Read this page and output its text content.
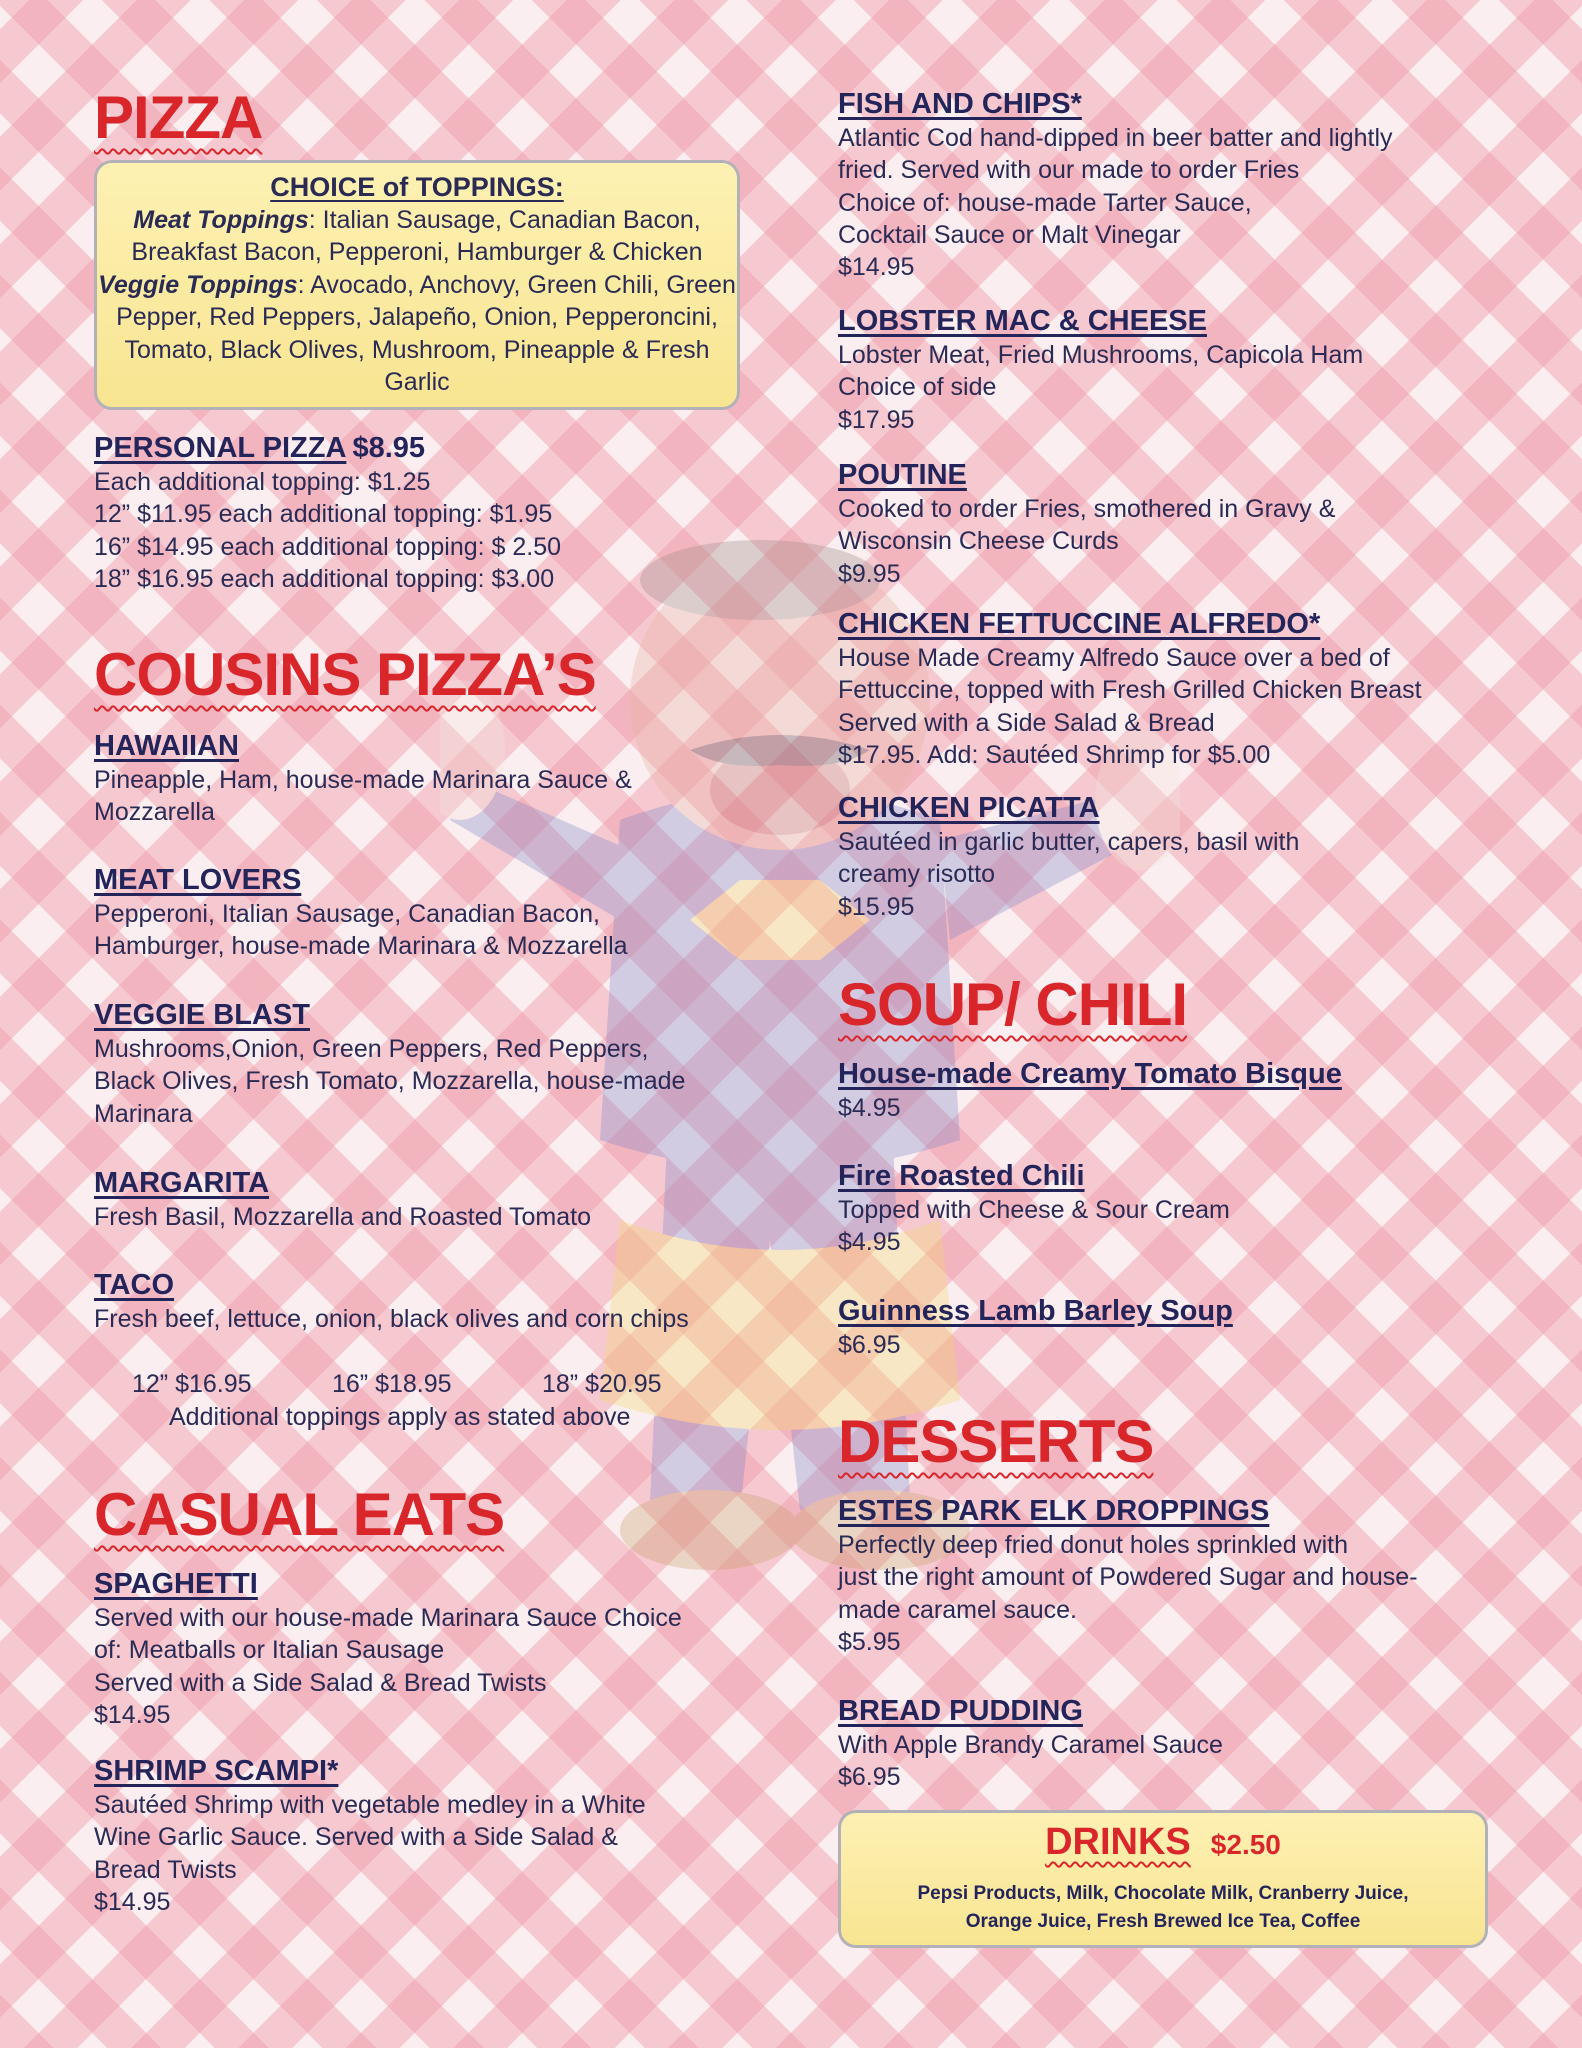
PIZZA
CHOICE of TOPPINGS:
Meat Toppings: Italian Sausage, Canadian Bacon, Breakfast Bacon, Pepperoni, Hamburger & Chicken
Veggie Toppings: Avocado, Anchovy, Green Chili, Green Pepper, Red Peppers, Jalapeño, Onion, Pepperoncini, Tomato, Black Olives, Mushroom, Pineapple & Fresh Garlic
PERSONAL PIZZA $8.95
Each additional topping: $1.25
12” $11.95 each additional topping: $1.95
16” $14.95 each additional topping: $ 2.50
18” $16.95 each additional topping: $3.00
COUSINS PIZZA’S
HAWAIIAN
Pineapple, Ham, house-made Marinara Sauce &
Mozzarella
MEAT LOVERS
Pepperoni, Italian Sausage, Canadian Bacon,
Hamburger, house-made Marinara & Mozzarella
VEGGIE BLAST
Mushrooms,Onion, Green Peppers, Red Peppers,
Black Olives, Fresh Tomato, Mozzarella, house-made
Marinara
MARGARITA
Fresh Basil, Mozzarella and Roasted Tomato
TACO
Fresh beef, lettuce, onion, black olives and corn chips
12” $16.95	16” $18.95	18” $20.95
Additional toppings apply as stated above
CASUAL EATS
SPAGHETTI
Served with our house-made Marinara Sauce Choice
of: Meatballs or Italian Sausage
Served with a Side Salad & Bread Twists
$14.95
SHRIMP SCAMPI*
Sautéed Shrimp with vegetable medley in a White
Wine Garlic Sauce. Served with a Side Salad &
Bread Twists
$14.95
FISH AND CHIPS*
Atlantic Cod hand-dipped in beer batter and lightly
fried. Served with our made to order Fries
Choice of: house-made Tarter Sauce,
Cocktail Sauce or Malt Vinegar
$14.95
LOBSTER MAC & CHEESE
Lobster Meat, Fried Mushrooms, Capicola Ham
Choice of side
$17.95
POUTINE
Cooked to order Fries, smothered in Gravy &
Wisconsin Cheese Curds
$9.95
CHICKEN FETTUCCINE ALFREDO*
House Made Creamy Alfredo Sauce over a bed of
Fettuccine, topped with Fresh Grilled Chicken Breast
Served with a Side Salad & Bread
$17.95. Add: Sautéed Shrimp for $5.00
CHICKEN PICATTA
Sautéed in garlic butter, capers, basil with
creamy risotto
$15.95
SOUP/ CHILI
House-made Creamy Tomato Bisque
$4.95
Fire Roasted Chili
Topped with Cheese & Sour Cream
$4.95
Guinness Lamb Barley Soup
$6.95
DESSERTS
ESTES PARK ELK DROPPINGS
Perfectly deep fried donut holes sprinkled with
just the right amount of Powdered Sugar and house-
made caramel sauce.
$5.95
BREAD PUDDING
With Apple Brandy Caramel Sauce
$6.95
DRINKS $2.50
Pepsi Products, Milk, Chocolate Milk, Cranberry Juice,
Orange Juice, Fresh Brewed Ice Tea, Coffee
